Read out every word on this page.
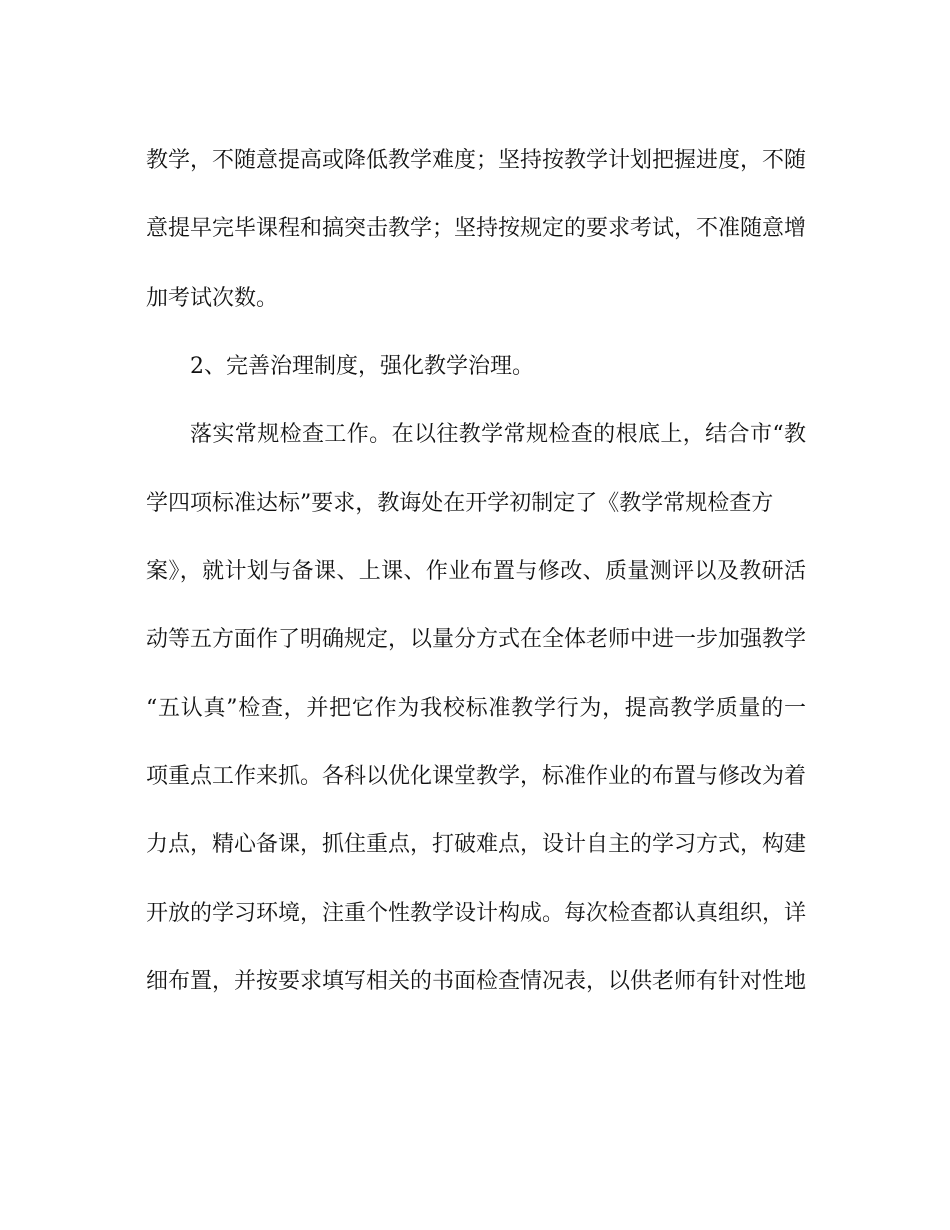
教学，不随意提高或降低教学难度；坚持按教学计划把握进度，不随
意提早完毕课程和搞突击教学；坚持按规定的要求考试，不准随意增
加考试次数。
2、完善治理制度，强化教学治理。
落实常规检查工作。在以往教学常规检查的根底上，结合市“教
学四项标准达标”要求，教诲处在开学初制定了《教学常规检查方
案》，就计划与备课、上课、作业布置与修改、质量测评以及教研活
动等五方面作了明确规定，以量分方式在全体老师中进一步加强教学
“五认真”检查，并把它作为我校标准教学行为，提高教学质量的一
项重点工作来抓。各科以优化课堂教学，标准作业的布置与修改为着
力点，精心备课，抓住重点，打破难点，设计自主的学习方式，构建
开放的学习环境，注重个性教学设计构成。每次检查都认真组织，详
细布置，并按要求填写相关的书面检查情况表，以供老师有针对性地
